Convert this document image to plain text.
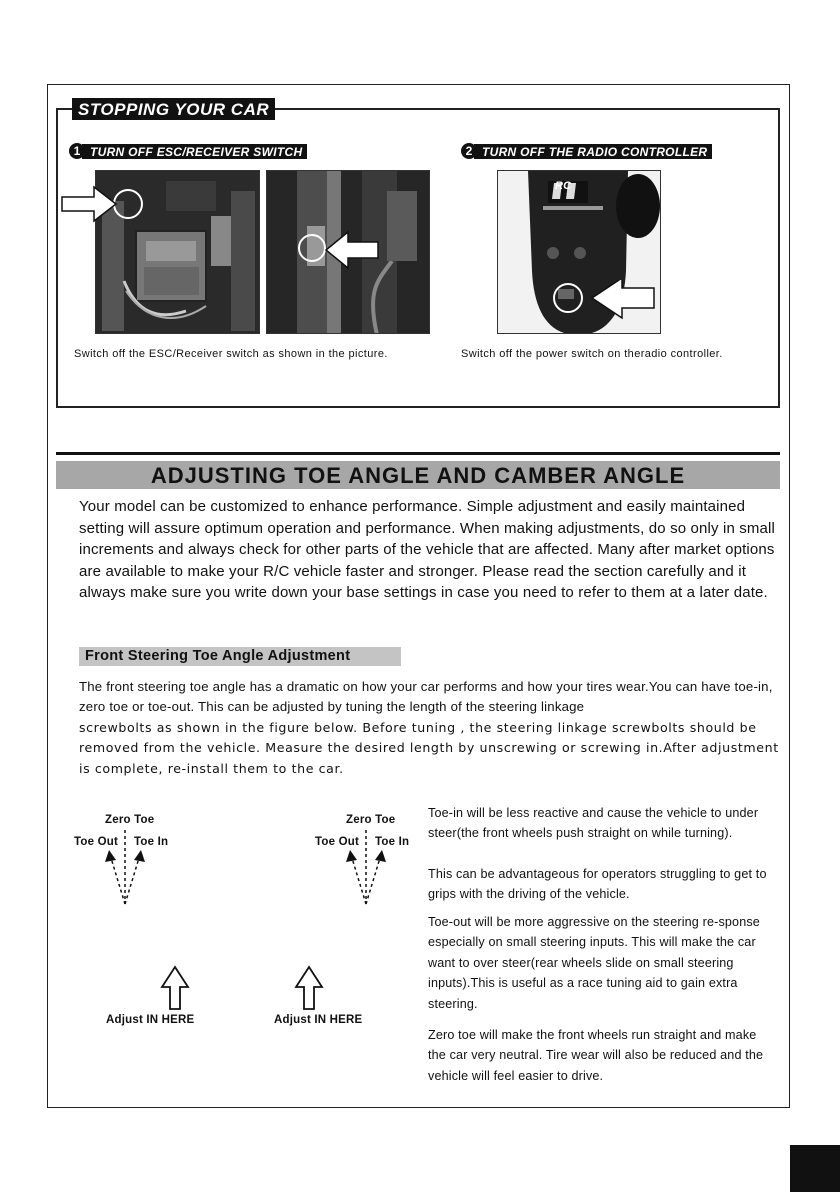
STOPPING YOUR CAR
1 TURN OFF ESC/RECEIVER SWITCH	2 TURN OFF THE RADIO CONTROLLER
RC
Switch off the ESC/Receiver switch as shown in the picture.	Switch off the power switch on theradio controller.
ADJUSTING TOE ANGLE AND CAMBER ANGLE
Your model can be customized to enhance performance. Simple adjustment and easily maintained setting will assure optimum operation and performance. When making adjustments, do so only in small increments and always check for other parts of the vehicle that are affected. Many after market options are available to make your R/C vehicle faster and stronger. Please read the section carefully and it always make sure you write down your base settings in case you need to refer to them at a later date.
Front Steering Toe Angle Adjustment
The front steering toe angle has a dramatic on how your car performs and how your tires wear.You can have toe-in, zero toe or toe-out. This can be adjusted by tuning the length of the steering linkage
screwbolts as shown in the figure below. Before tuning , the steering linkage screwbolts should be removed from the vehicle. Measure the desired length by unscrewing or screwing in.After adjustment is complete, re-install them to the car.
Zero Toe
Toe Out Toe In
Adjust IN HERE
Zero Toe
Toe Out Toe In
Adjust IN HERE
Toe-in will be less reactive and cause the vehicle to under steer(the front wheels push straight on while turning).
This can be advantageous for operators struggling to get to grips with the driving of the vehicle.
Toe-out will be more aggressive on the steering re-sponse especially on small steering inputs. This will make the car want to over steer(rear wheels slide on small steering inputs).This is useful as a race tuning aid to gain extra steering.
Zero toe will make the front wheels run straight and make the car very neutral. Tire wear will also be reduced and the vehicle will feel easier to drive.
